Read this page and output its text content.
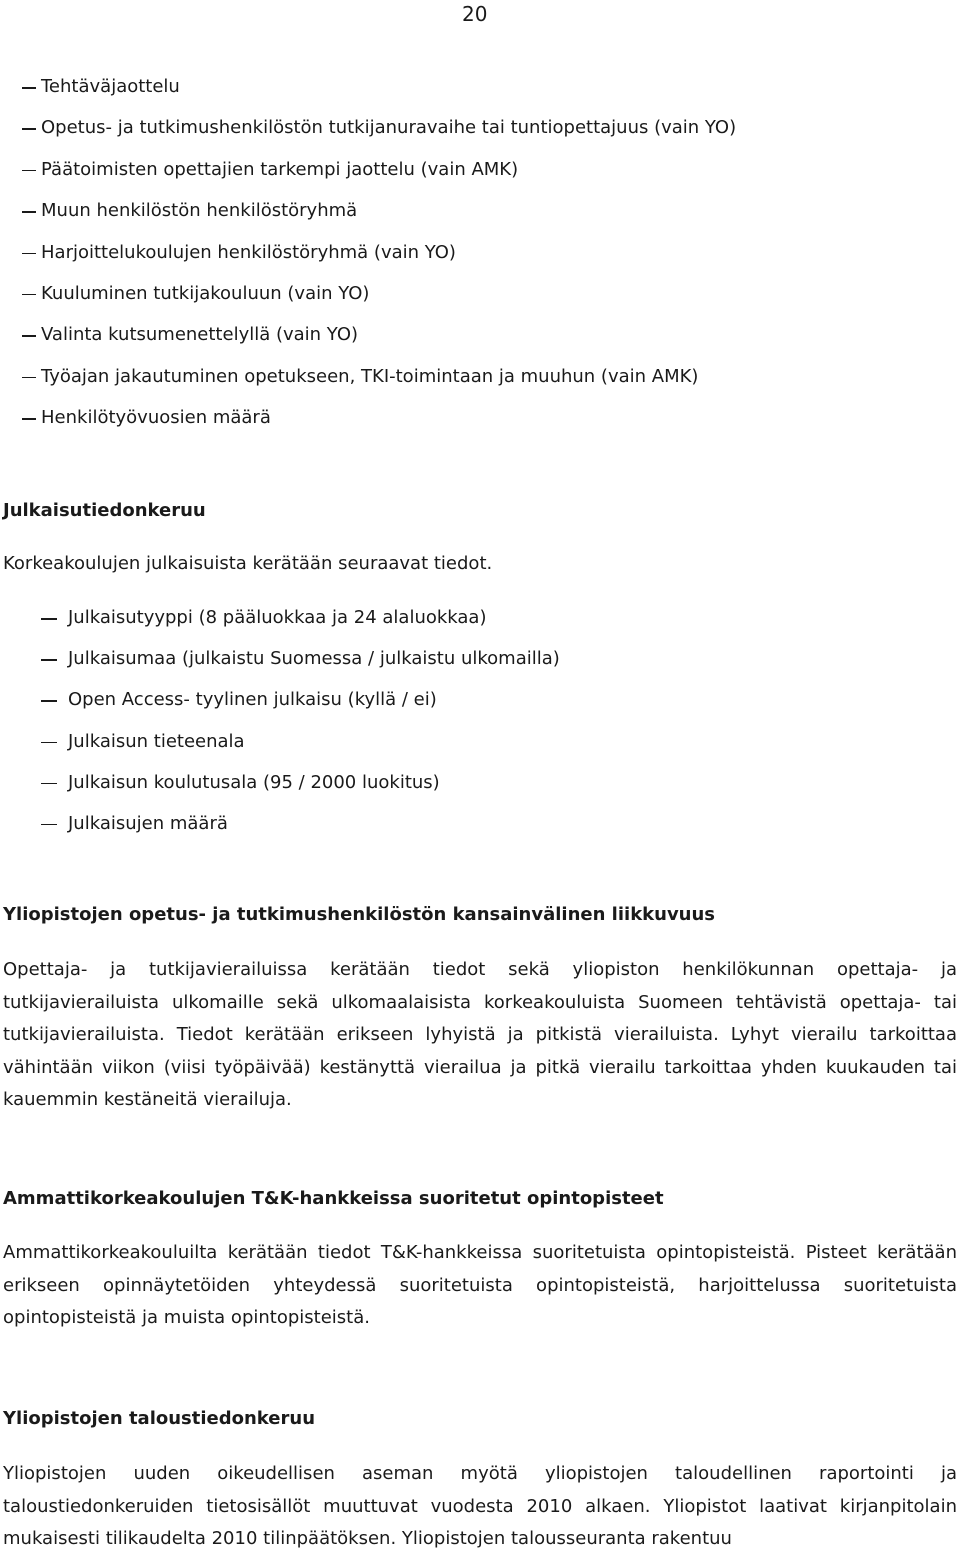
20
Tehtäväjaottelu
Opetus- ja tutkimushenkilöstön tutkijanuravaihe tai tuntiopettajuus (vain YO)
Päätoimisten opettajien tarkempi jaottelu (vain AMK)
Muun henkilöstön henkilöstöryhmä
Harjoittelukoulujen henkilöstöryhmä (vain YO)
Kuuluminen tutkijakouluun (vain YO)
Valinta kutsumenettelyllä (vain YO)
Työajan jakautuminen opetukseen, TKI-toimintaan ja muuhun (vain AMK)
Henkilötyövuosien määrä
Julkaisutiedonkeruu

Korkeakoulujen julkaisuista kerätään seuraavat tiedot.

Julkaisutyyppi (8 pääluokkaa ja 24 alaluokkaa)
Julkaisumaa (julkaistu Suomessa / julkaistu ulkomailla)
Open Access- tyylinen julkaisu (kyllä / ei)
Julkaisun tieteenala
Julkaisun koulutusala (95 / 2000 luokitus)
Julkaisujen määrä
Yliopistojen opetus- ja tutkimushenkilöstön kansainvälinen liikkuvuus

Opettaja- ja tutkijavierailuissa kerätään tiedot sekä yliopiston henkilökunnan opettaja- ja tutkijavierailuista ulkomaille sekä ulkomaalaisista korkeakouluista Suomeen tehtävistä opettaja- tai tutkijavierailuista. Tiedot kerätään erikseen lyhyistä ja pitkistä vierailuista. Lyhyt vierailu tarkoittaa vähintään viikon (viisi työpäivää) kestänyttä vierailua ja pitkä vierailu tarkoittaa yhden kuukauden tai kauemmin kestäneitä vierailuja.

Ammattikorkeakoulujen T&K-hankkeissa suoritetut opintopisteet

Ammattikorkeakouluilta kerätään tiedot T&K-hankkeissa suoritetuista opintopisteistä. Pisteet kerätään erikseen opinnäytetöiden yhteydessä suoritetuista opintopisteistä, harjoittelussa suoritetuista opintopisteistä ja muista opintopisteistä.

Yliopistojen taloustiedonkeruu

Yliopistojen uuden oikeudellisen aseman myötä yliopistojen taloudellinen raportointi ja taloustiedonkeruiden tietosisällöt muuttuvat vuodesta 2010 alkaen. Yliopistot laativat kirjanpitolain mukaisesti tilikaudelta 2010 tilinpäätöksen. Yliopistojen talousseuranta rakentuu
